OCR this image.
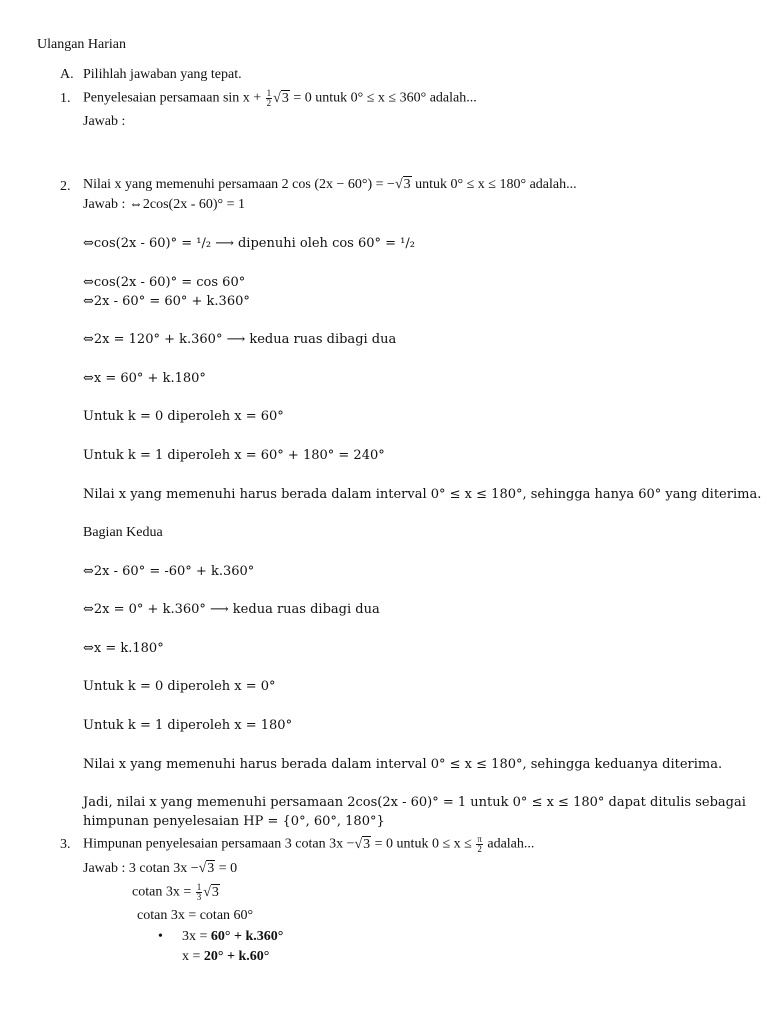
Ulangan Harian
A. Pilihlah jawaban yang tepat.
1. Penyelesaian persamaan $\sin x + \frac{1}{2} √3 = 0$ untuk 0° ≤ x ≤ 360° adalah...
Jawab :
2. Nilai x yang memenuhi persamaan 2 cos (2x − 60°) = −√3 untuk 0° ≤ x ≤ 180° adalah...
Jawab : ⇔2cos(2x - 60)° = 1
⇔cos(2x - 60)° = ¹/₂ ⟶ dipenuhi oleh cos 60° = ¹/₂
⇔cos(2x - 60)° = cos 60°
⇔2x - 60° = 60° + k.360°
⇔2x = 120° + k.360° ⟶ kedua ruas dibagi dua
⇔x = 60° + k.180°
Untuk k = 0 diperoleh x = 60°
Untuk k = 1 diperoleh x = 60° + 180° = 240°
Nilai x yang memenuhi harus berada dalam interval 0° ≤ x ≤ 180°, sehingga hanya 60° yang diterima.
Bagian Kedua
⇔2x - 60° = -60° + k.360°
⇔2x = 0° + k.360° ⟶ kedua ruas dibagi dua
⇔x = k.180°
Untuk k = 0 diperoleh x = 0°
Untuk k = 1 diperoleh x = 180°
Nilai x yang memenuhi harus berada dalam interval 0° ≤ x ≤ 180°, sehingga keduanya diterima.
Jadi, nilai x yang memenuhi persamaan 2cos(2x - 60)° = 1 untuk 0° ≤ x ≤ 180° dapat ditulis sebagai
himpunan penyelesaian HP = {0°, 60°, 180°}
3. Himpunan penyelesaian persamaan 3 cotan 3x −√3 = 0 untuk $0 \le x \le \frac{\pi}{2}$ adalah...
Jawab : 3 cotan 3x −√3 = 0
cotan $3x = \frac{1}{3} √3$
cotan 3x = cotan 60°
• 3x = 60° + k.360°
x = 20° + k.60°
